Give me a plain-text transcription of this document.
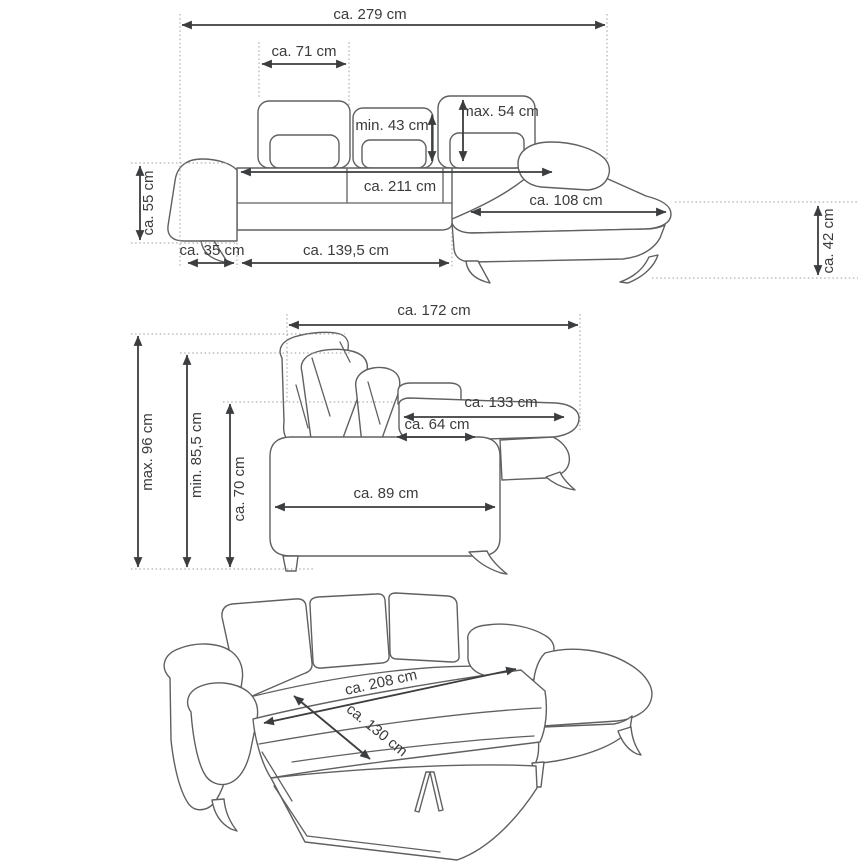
ca. 279 cm
ca. 71 cm
min. 43 cm
max. 54 cm
ca. 55 cm	ca. 211 cm
ca. 108 cm
ca. 42 cm
ca. 35 cm	ca. 139,5 cm
ca. 172 cm
max. 96 cm min. 85,5 cm ca. 70 cm
ca. 133 cm
ca. 64 cm
ca. 89 cm
ca. 208 cm
ca. 130 cm
